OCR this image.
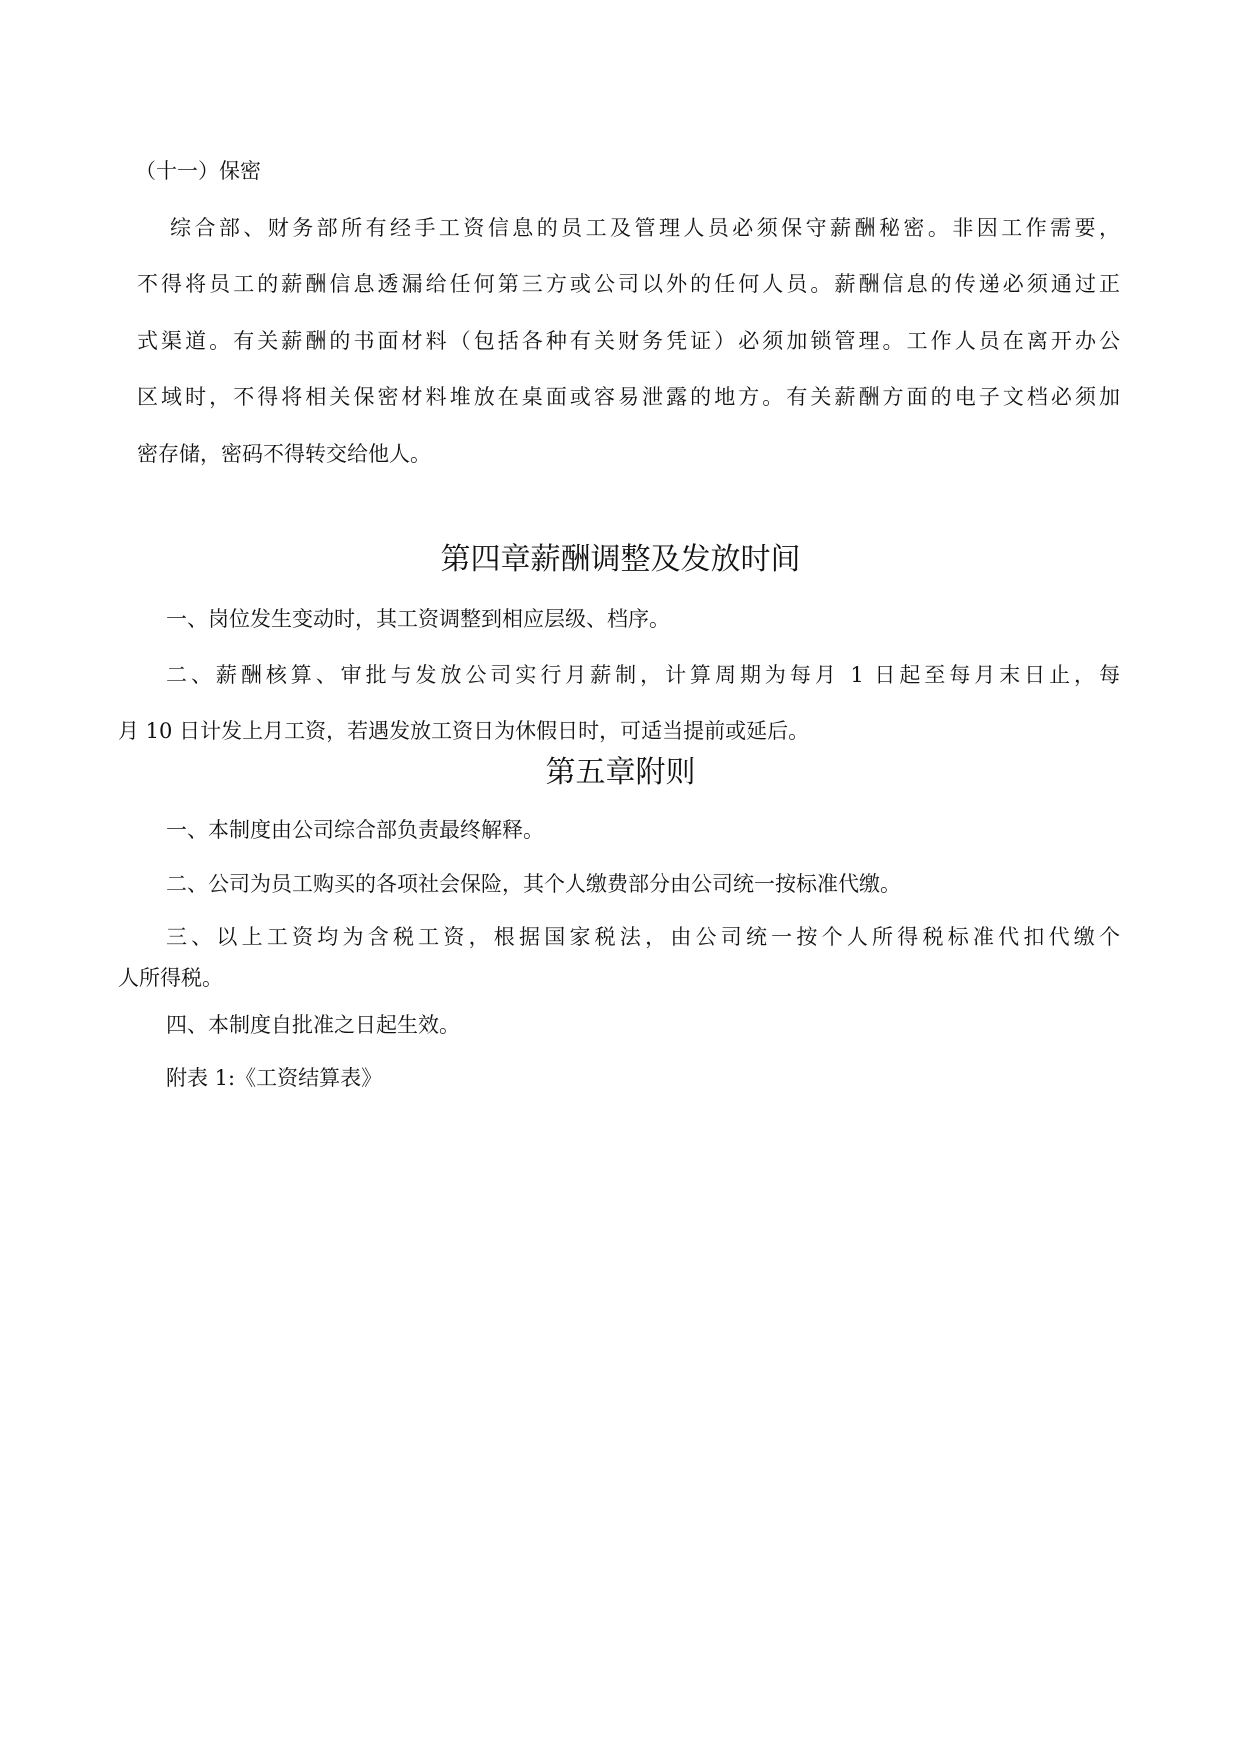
（十一）保密
综合部、财务部所有经手工资信息的员工及管理人员必须保守薪酬秘密。非因工作需要，
不得将员工的薪酬信息透漏给任何第三方或公司以外的任何人员。薪酬信息的传递必须通过正
式渠道。有关薪酬的书面材料（包括各种有关财务凭证）必须加锁管理。工作人员在离开办公
区域时，不得将相关保密材料堆放在桌面或容易泄露的地方。有关薪酬方面的电子文档必须加
密存储，密码不得转交给他人。
第四章薪酬调整及发放时间
一、岗位发生变动时，其工资调整到相应层级、档序。
二、薪酬核算、审批与发放公司实行月薪制，计算周期为每月 1 日起至每月末日止，每
月 10 日计发上月工资，若遇发放工资日为休假日时，可适当提前或延后。
第五章附则
一、本制度由公司综合部负责最终解释。
二、公司为员工购买的各项社会保险，其个人缴费部分由公司统一按标准代缴。
三、以上工资均为含税工资，根据国家税法，由公司统一按个人所得税标准代扣代缴个
人所得税。
四、本制度自批准之日起生效。
附表 1:《工资结算表》
